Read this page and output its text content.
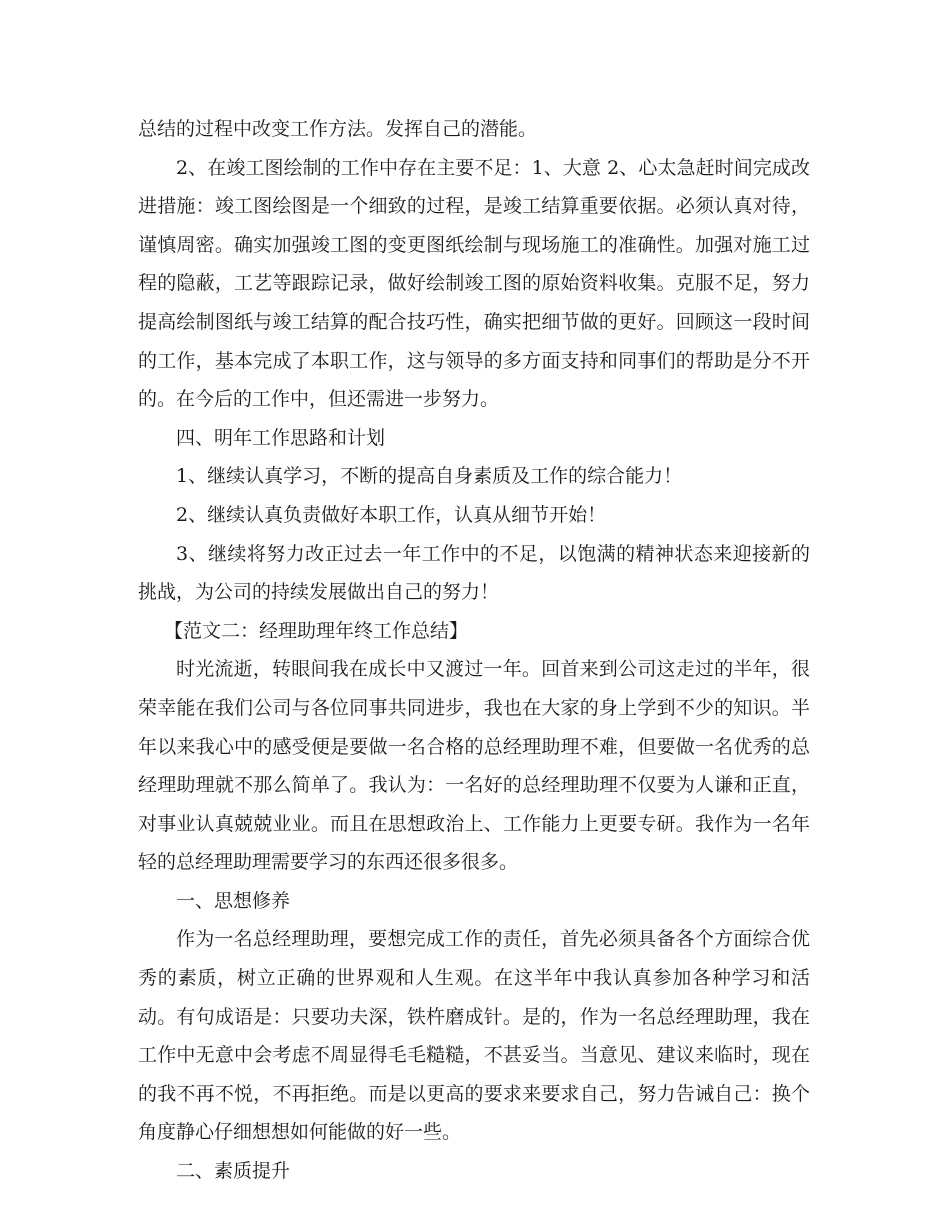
总结的过程中改变工作方法。发挥自己的潜能。

2、在竣工图绘制的工作中存在主要不足：1、大意 2、心太急赶时间完成改进措施：竣工图绘图是一个细致的过程，是竣工结算重要依据。必须认真对待，谨慎周密。确实加强竣工图的变更图纸绘制与现场施工的准确性。加强对施工过程的隐蔽，工艺等跟踪记录，做好绘制竣工图的原始资料收集。克服不足，努力提高绘制图纸与竣工结算的配合技巧性，确实把细节做的更好。回顾这一段时间的工作，基本完成了本职工作，这与领导的多方面支持和同事们的帮助是分不开的。在今后的工作中，但还需进一步努力。

四、明年工作思路和计划

1、继续认真学习，不断的提高自身素质及工作的综合能力！

2、继续认真负责做好本职工作，认真从细节开始！

3、继续将努力改正过去一年工作中的不足，以饱满的精神状态来迎接新的挑战，为公司的持续发展做出自己的努力！

【范文二：经理助理年终工作总结】

时光流逝，转眼间我在成长中又渡过一年。回首来到公司这走过的半年，很荣幸能在我们公司与各位同事共同进步，我也在大家的身上学到不少的知识。半年以来我心中的感受便是要做一名合格的总经理助理不难，但要做一名优秀的总经理助理就不那么简单了。我认为：一名好的总经理助理不仅要为人谦和正直，对事业认真兢兢业业。而且在思想政治上、工作能力上更要专研。我作为一名年轻的总经理助理需要学习的东西还很多很多。

一、思想修养

作为一名总经理助理，要想完成工作的责任，首先必须具备各个方面综合优秀的素质，树立正确的世界观和人生观。在这半年中我认真参加各种学习和活动。有句成语是：只要功夫深，铁杵磨成针。是的，作为一名总经理助理，我在工作中无意中会考虑不周显得毛毛糙糙，不甚妥当。当意见、建议来临时，现在的我不再不悦，不再拒绝。而是以更高的要求来要求自己，努力告诫自己：换个角度静心仔细想想如何能做的好一些。

二、素质提升
